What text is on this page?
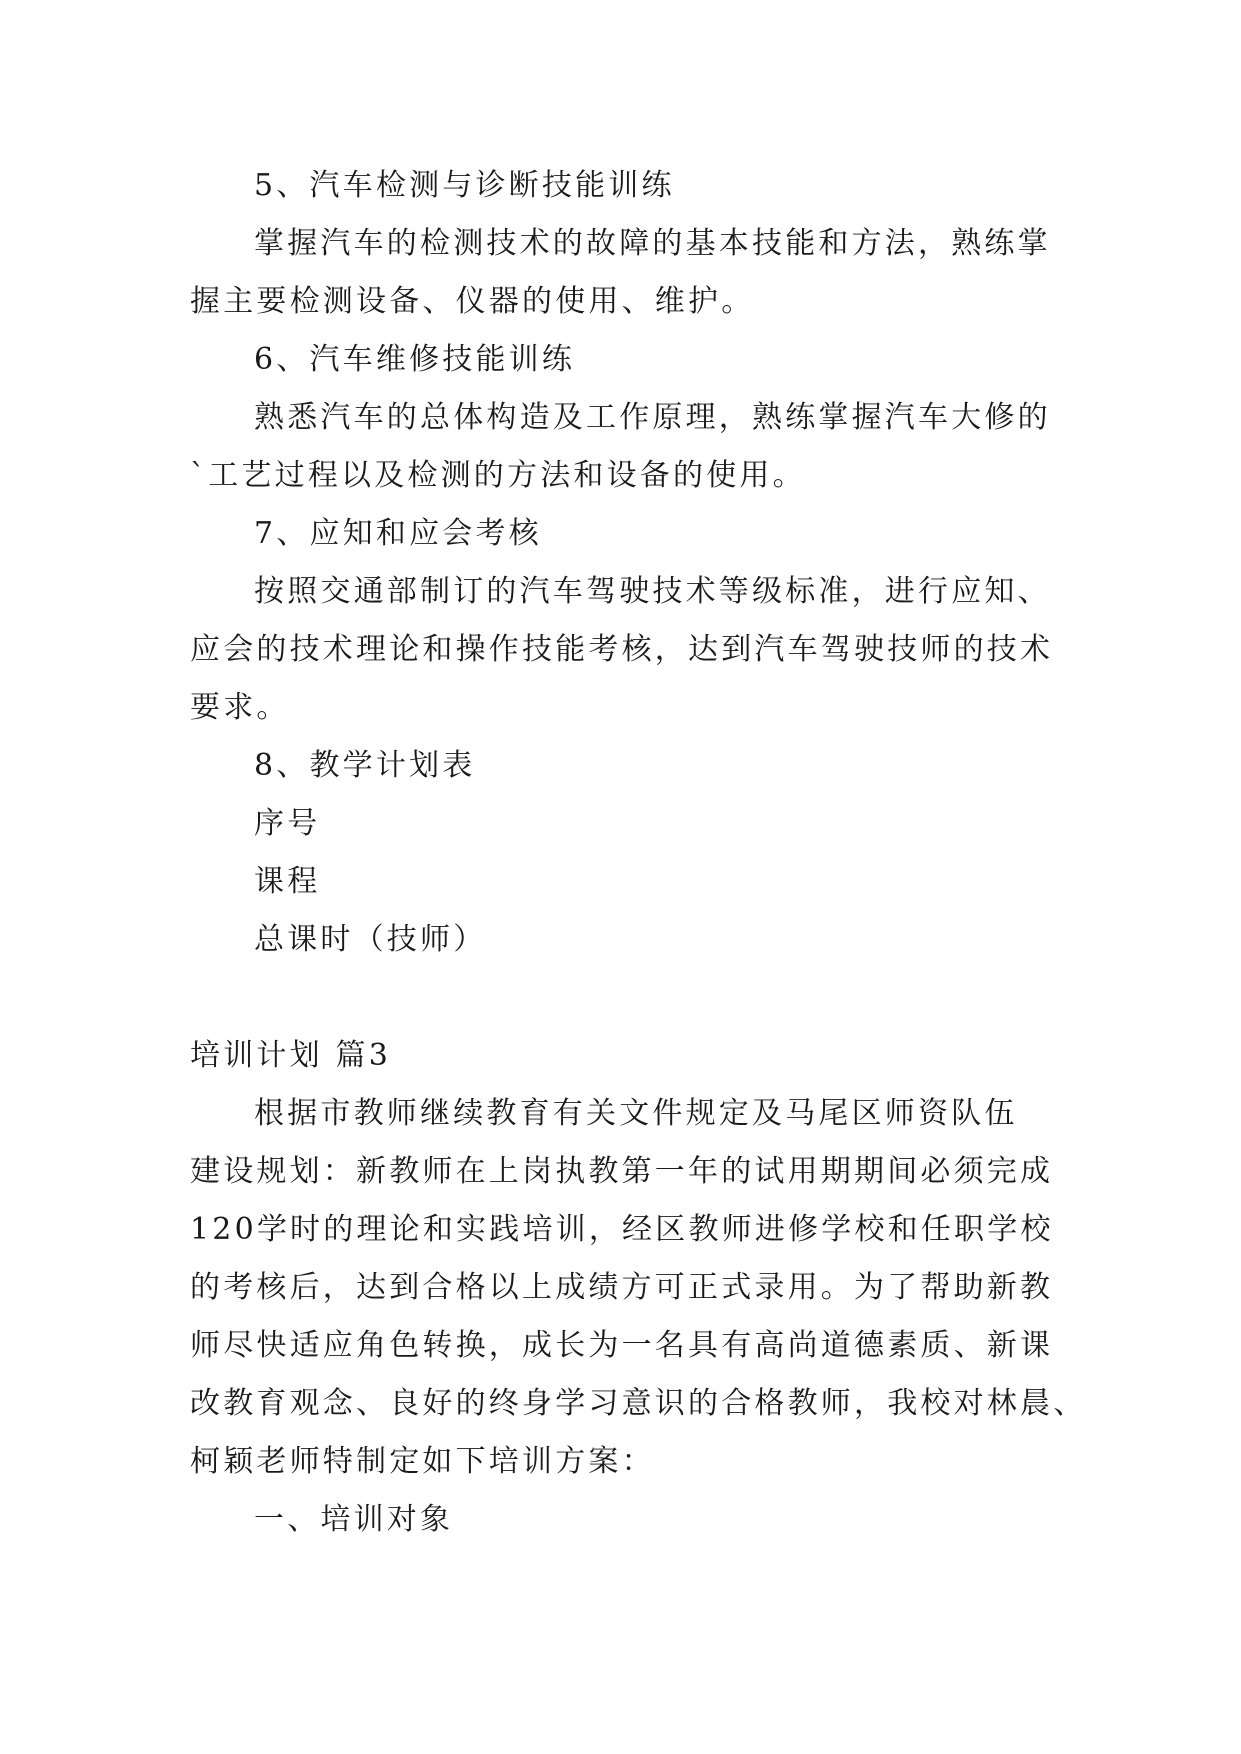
5、汽车检测与诊断技能训练
掌握汽车的检测技术的故障的基本技能和方法，熟练掌
握主要检测设备、仪器的使用、维护。
6、汽车维修技能训练
熟悉汽车的总体构造及工作原理，熟练掌握汽车大修的
`工艺过程以及检测的方法和设备的使用。
7、应知和应会考核
按照交通部制订的汽车驾驶技术等级标准，进行应知、
应会的技术理论和操作技能考核，达到汽车驾驶技师的技术
要求。
8、教学计划表
序号
课程
总课时（技师）
培训计划 篇3
根据市教师继续教育有关文件规定及马尾区师资队伍
建设规划：新教师在上岗执教第一年的试用期期间必须完成
120学时的理论和实践培训，经区教师进修学校和任职学校
的考核后，达到合格以上成绩方可正式录用。为了帮助新教
师尽快适应角色转换，成长为一名具有高尚道德素质、新课
改教育观念、良好的终身学习意识的合格教师，我校对林晨、
柯颖老师特制定如下培训方案：
一、培训对象
